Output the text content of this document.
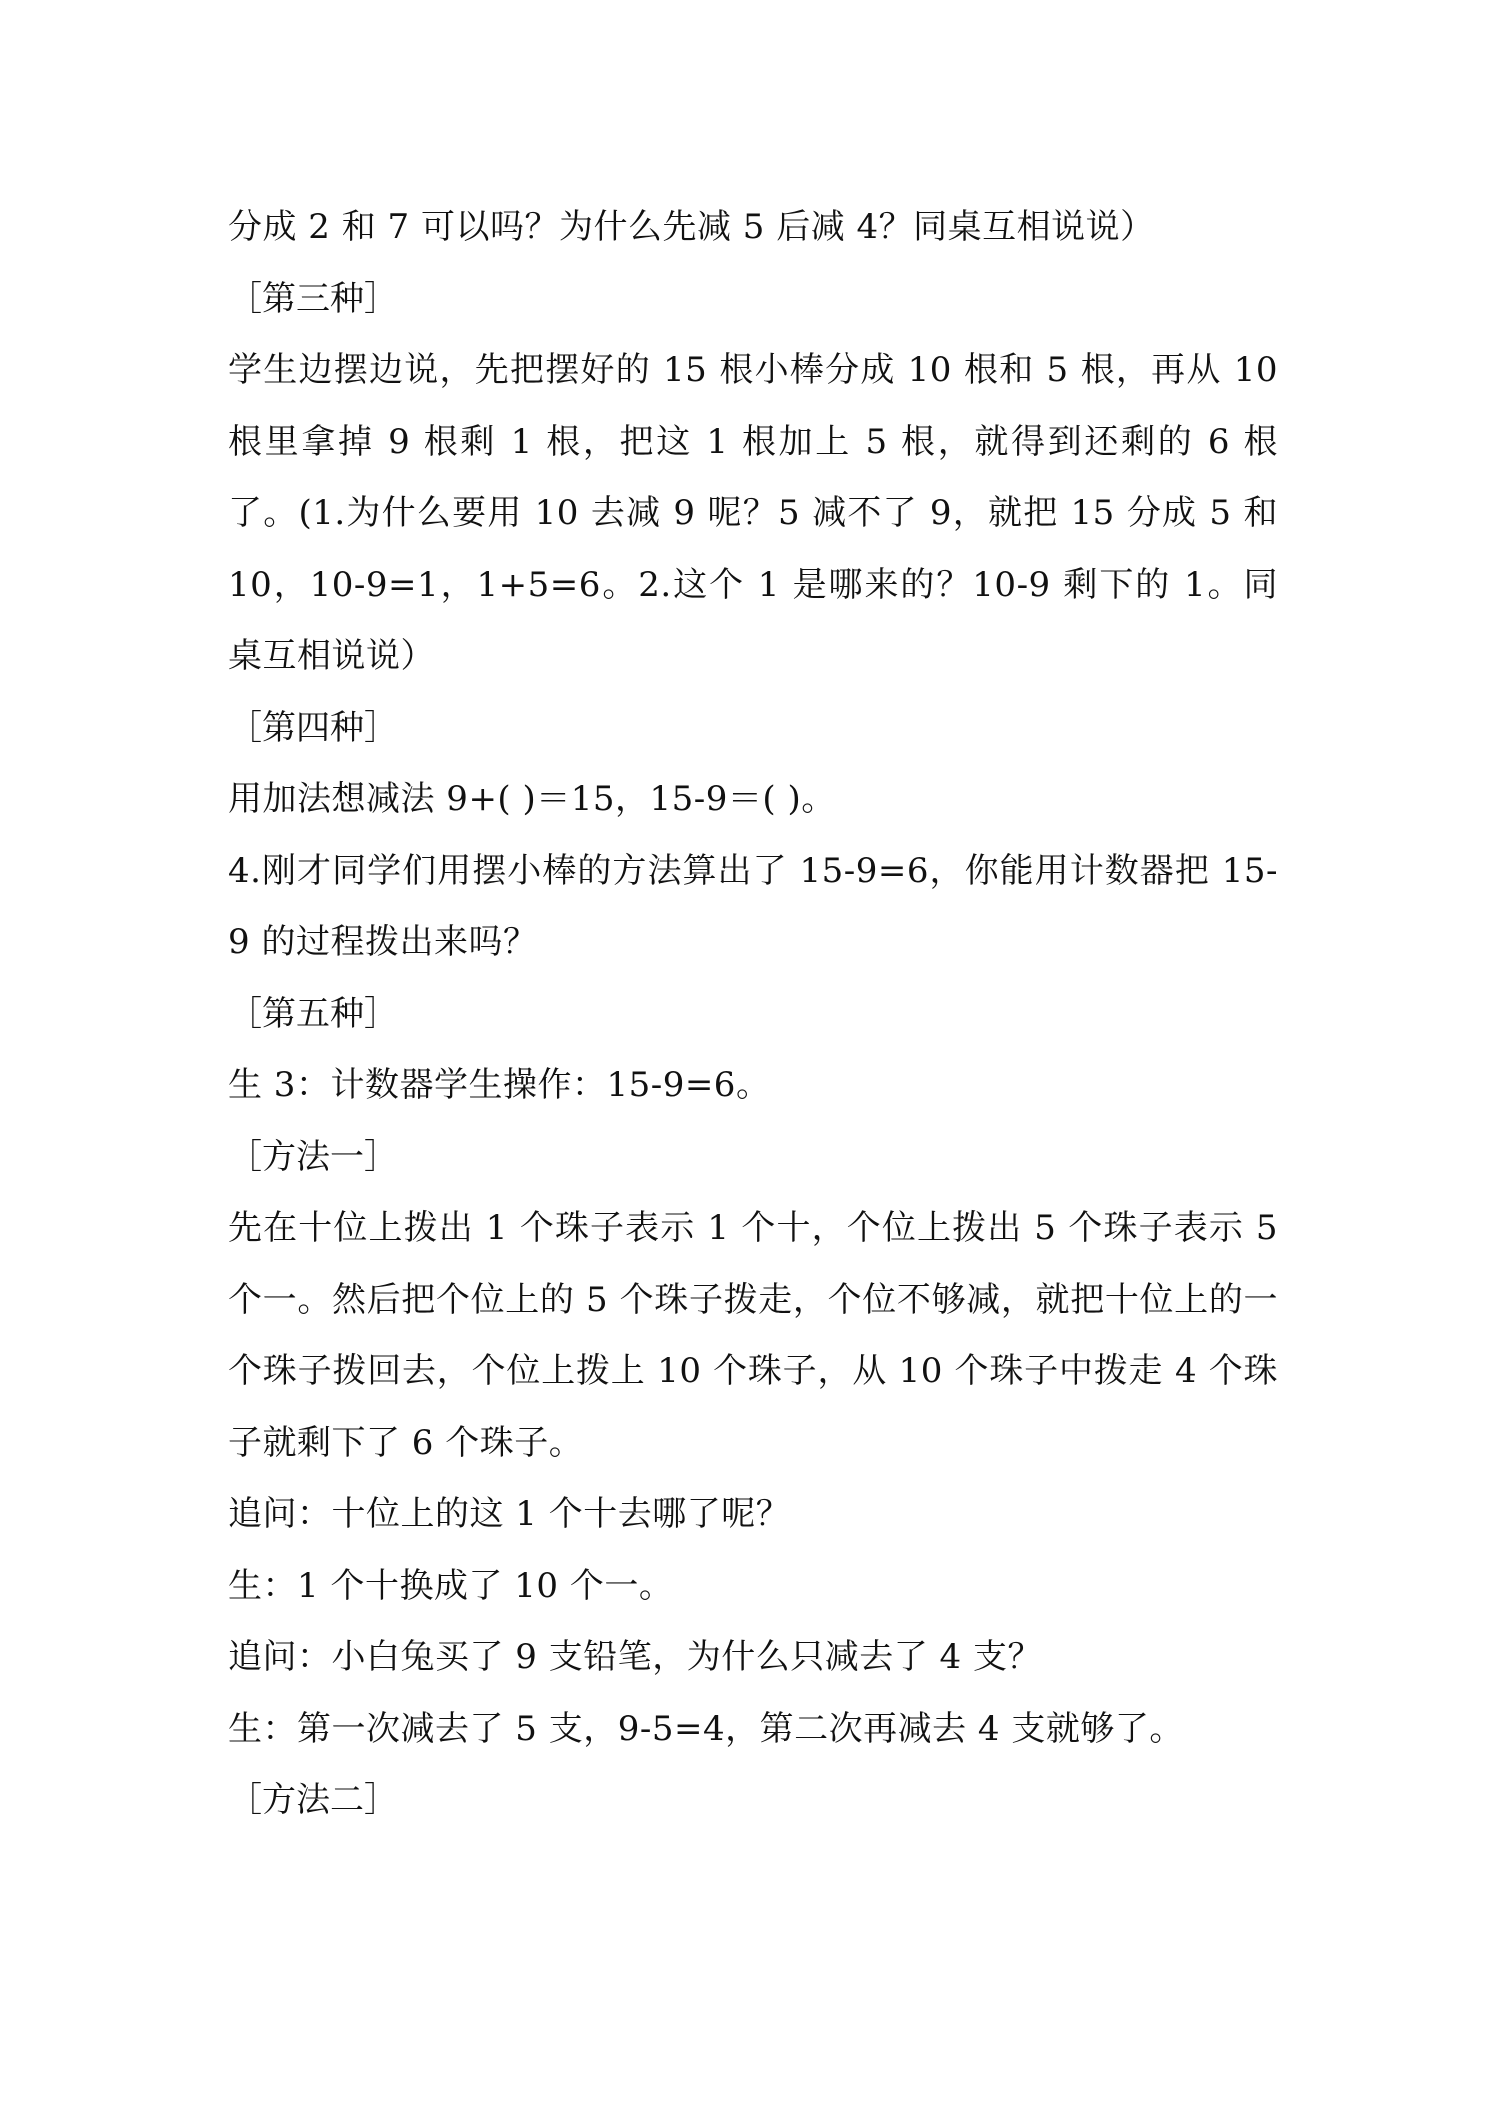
分成 2 和 7 可以吗？为什么先减 5 后减 4？同桌互相说说）

［第三种］

学生边摆边说，先把摆好的 15 根小棒分成 10 根和 5 根，再从 10 根里拿掉 9 根剩 1 根，把这 1 根加上 5 根，就得到还剩的 6 根了。(1.为什么要用 10 去减 9 呢？5 减不了 9，就把 15 分成 5 和 10，10-9=1，1+5=6。2.这个 1 是哪来的？10-9 剩下的 1。同桌互相说说）

［第四种］

用加法想减法 9+( )＝15，15-9＝( )。

4.刚才同学们用摆小棒的方法算出了 15-9=6，你能用计数器把 15-9 的过程拨出来吗？

［第五种］

生 3：计数器学生操作：15-9=6。

［方法一］

先在十位上拨出 1 个珠子表示 1 个十，个位上拨出 5 个珠子表示 5 个一。然后把个位上的 5 个珠子拨走，个位不够减，就把十位上的一个珠子拨回去，个位上拨上 10 个珠子，从 10 个珠子中拨走 4 个珠子就剩下了 6 个珠子。

追问：十位上的这 1 个十去哪了呢？

生：1 个十换成了 10 个一。

追问：小白兔买了 9 支铅笔，为什么只减去了 4 支？

生：第一次减去了 5 支，9-5=4，第二次再减去 4 支就够了。

［方法二］
